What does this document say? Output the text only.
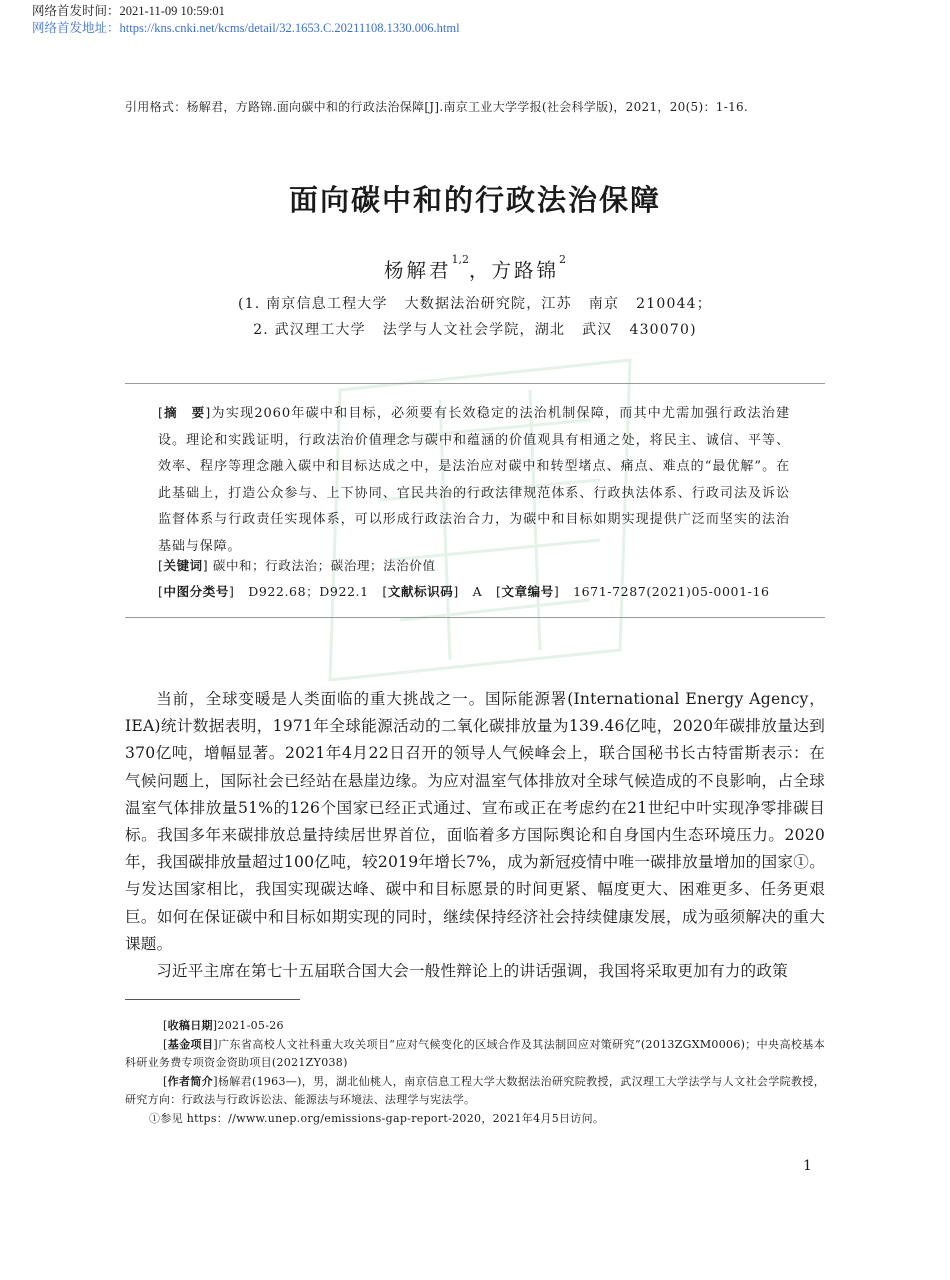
网络首发时间：2021-11-09 10:59:01
网络首发地址：https://kns.cnki.net/kcms/detail/32.1653.C.20211108.1330.006.html
引用格式：杨解君，方路锦.面向碳中和的行政法治保障[J].南京工业大学学报(社会科学版)，2021，20(5)：1-16.
面向碳中和的行政法治保障
杨解君$^{1,2}$，方路锦$^2$
(1. 南京信息工程大学   大数据法治研究院，江苏   南京   210044；
2. 武汉理工大学   法学与人文社会学院，湖北   武汉   430070)
[摘　要]为实现2060年碳中和目标，必须要有长效稳定的法治机制保障，而其中尤需加强行政法治建设。理论和实践证明，行政法治价值理念与碳中和蕴涵的价值观具有相通之处，将民主、诚信、平等、效率、程序等理念融入碳中和目标达成之中，是法治应对碳中和转型堵点、痛点、难点的“最优解”。在此基础上，打造公众参与、上下协同、官民共治的行政法律规范体系、行政执法体系、行政司法及诉讼监督体系与行政责任实现体系，可以形成行政法治合力，为碳中和目标如期实现提供广泛而坚实的法治基础与保障。
[关键词] 碳中和；行政法治；碳治理；法治价值
[中图分类号]   D922.68；D922.1 [文献标识码]   A [文章编号]   1671-7287(2021)05-0001-16

当前，全球变暖是人类面临的重大挑战之一。国际能源署(International Energy Agency，IEA)统计数据表明，1971年全球能源活动的二氧化碳排放量为139.46亿吨，2020年碳排放量达到370亿吨，增幅显著。2021年4月22日召开的领导人气候峰会上，联合国秘书长古特雷斯表示：在气候问题上，国际社会已经站在悬崖边缘。为应对温室气体排放对全球气候造成的不良影响，占全球温室气体排放量51%的126个国家已经正式通过、宣布或正在考虑约在21世纪中叶实现净零排碳目标。我国多年来碳排放总量持续居世界首位，面临着多方国际舆论和自身国内生态环境压力。2020年，我国碳排放量超过100亿吨，较2019年增长7%，成为新冠疫情中唯一碳排放量增加的国家①。与发达国家相比，我国实现碳达峰、碳中和目标愿景的时间更紧、幅度更大、困难更多、任务更艰巨。如何在保证碳中和目标如期实现的同时，继续保持经济社会持续健康发展，成为亟须解决的重大课题。

习近平主席在第七十五届联合国大会一般性辩论上的讲话强调，我国将采取更加有力的政策

[收稿日期]2021-05-26

[基金项目]广东省高校人文社科重大攻关项目“应对气候变化的区域合作及其法制回应对策研究”(2013ZGXM0006)；中央高校基本科研业务费专项资金资助项目(2021ZY038)

[作者简介]杨解君(1963—)，男，湖北仙桃人，南京信息工程大学大数据法治研究院教授，武汉理工大学法学与人文社会学院教授，研究方向：行政法与行政诉讼法、能源法与环境法、法理学与宪法学。

①参见 https：//www.unep.org/emissions-gap-report-2020，2021年4月5日访问。

1
